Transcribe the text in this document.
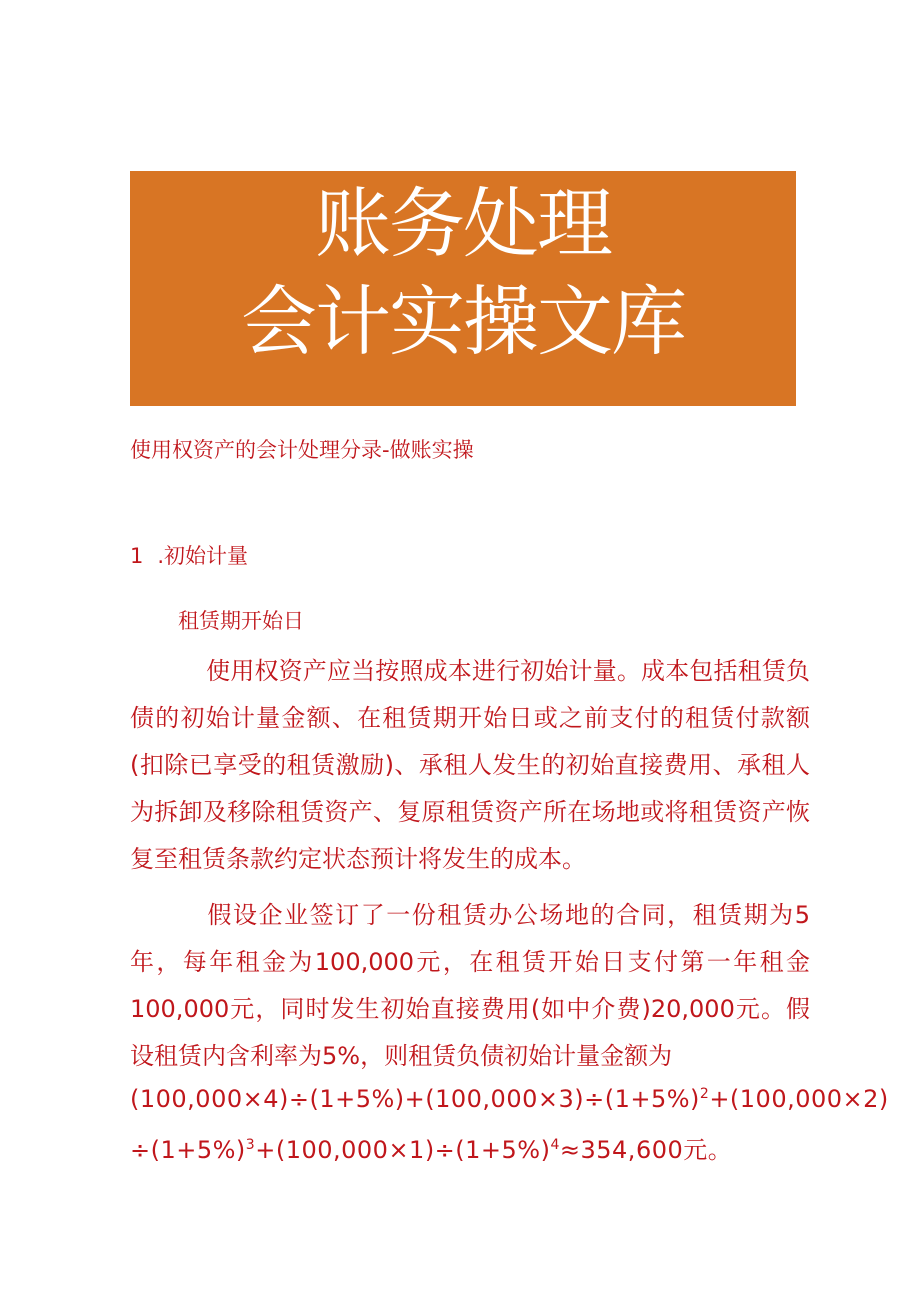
账务处理
会计实操文库
使用权资产的会计处理分录-做账实操
1 .初始计量
租赁期开始日
使用权资产应当按照成本进行初始计量。成本包括租赁负债的初始计量金额、在租赁期开始日或之前支付的租赁付款额(扣除已享受的租赁激励)、承租人发生的初始直接费用、承租人为拆卸及移除租赁资产、复原租赁资产所在场地或将租赁资产恢复至租赁条款约定状态预计将发生的成本。
假设企业签订了一份租赁办公场地的合同，租赁期为5年，每年租金为100,000元，在租赁开始日支付第一年租金100,000元，同时发生初始直接费用(如中介费)20,000元。假设租赁内含利率为5%，则租赁负债初始计量金额为
$(100,000\times 4)\div(1+5\%)+(100,000\times 3)\div(1+5\%)^2+(100,000\times 2)$
$\div(1+5\%)^3+(100,000\times 1)\div(1+5\%)^4\approx 354,600$元。
